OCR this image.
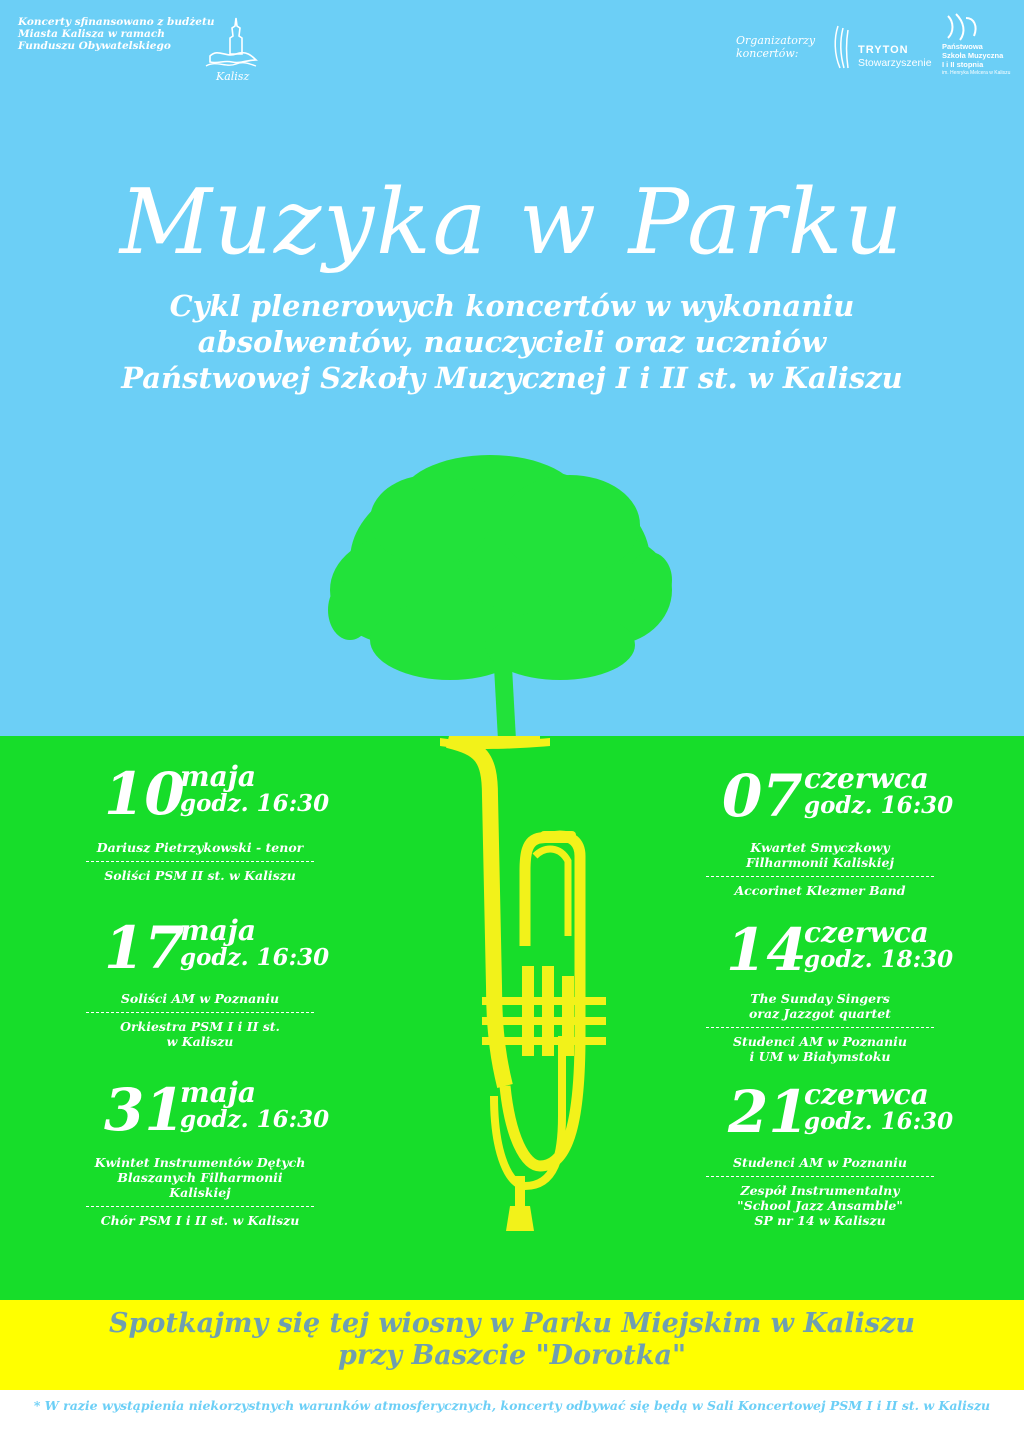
Koncerty sfinansowano z budżetu
Miasta Kalisza w ramach
Funduszu Obywatelskiego
Kalisz
Organizatorzy
koncertów:	TRYTON
Stowarzyszenie
Państwowa
Szkoła Muzyczna
I i II stopnia
im. Henryka Melcera w Kaliszu
Muzyka w Parku
Cykl plenerowych koncertów w wykonaniu
absolwentów, nauczycieli oraz uczniów
Państwowej Szkoły Muzycznej I i II st. w Kaliszu
10
maja
godz. 16:30
Dariusz Pietrzykowski - tenor
Soliści PSM II st. w Kaliszu
17
maja
godz. 16:30
Soliści AM w Poznaniu
Orkiestra PSM I i II st.
w Kaliszu
31
maja
godz. 16:30
Kwintet Instrumentów Dętych
Blaszanych Filharmonii
Kaliskiej
Chór PSM I i II st. w Kaliszu
07 czerwca
godz. 16:30
Kwartet Smyczkowy
Filharmonii Kaliskiej
Accorinet Klezmer Band
14
czerwca
godz. 18:30
The Sunday Singers
oraz Jazzgot quartet
Studenci AM w Poznaniu
i UM w Białymstoku
21
czerwca
godz. 16:30
Studenci AM w Poznaniu
Zespół Instrumentalny
"School Jazz Ansamble"
SP nr 14 w Kaliszu
Spotkajmy się tej wiosny w Parku Miejskim w Kaliszu
przy Baszcie "Dorotka"
* W razie wystąpienia niekorzystnych warunków atmosferycznych, koncerty odbywać się będą w Sali Koncertowej PSM I i II st. w Kaliszu
